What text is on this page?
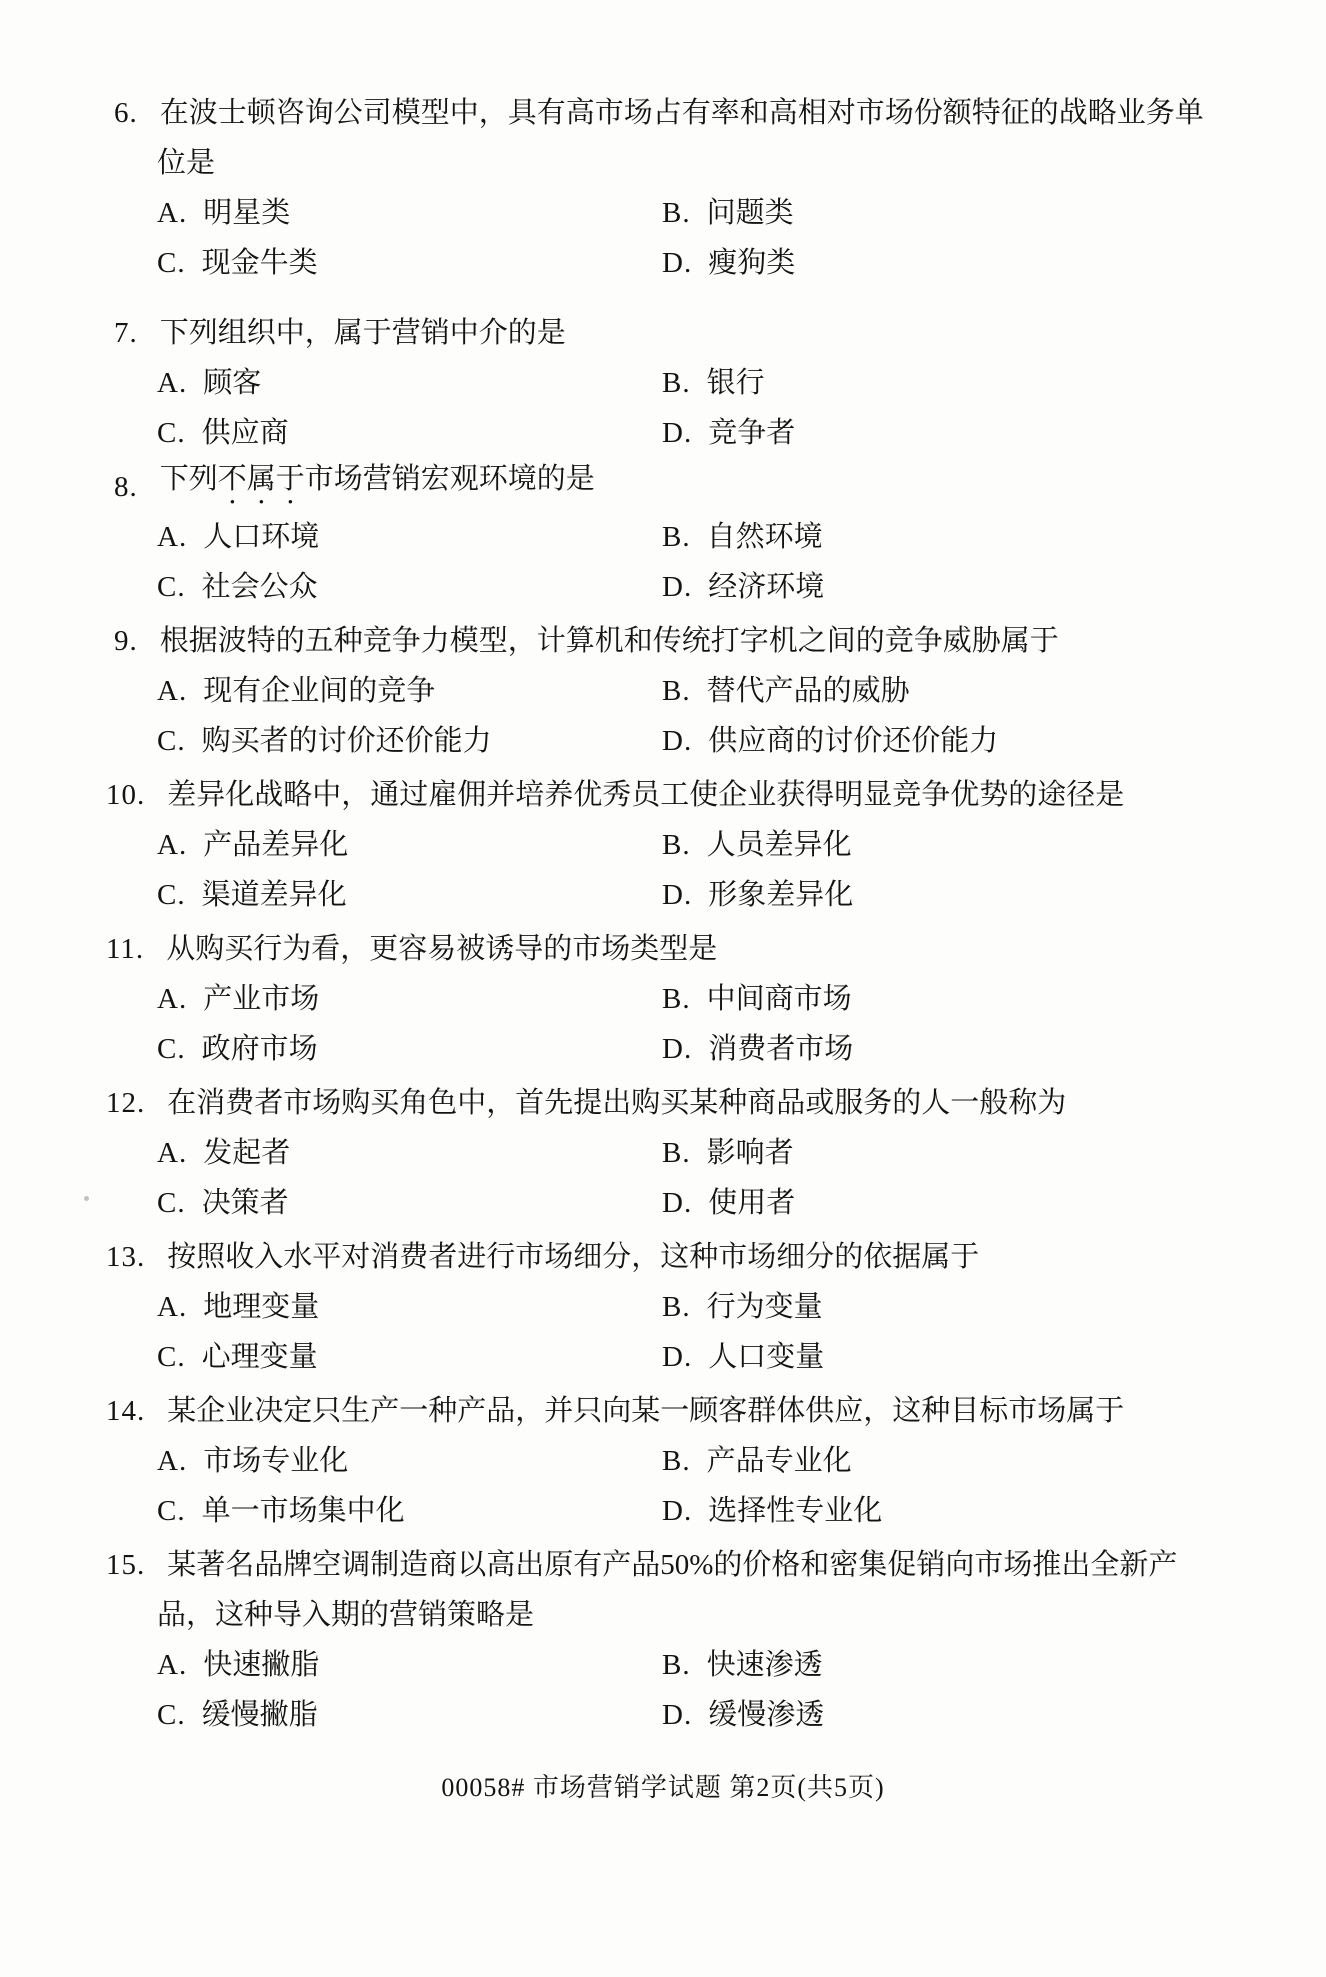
6. 在波士顿咨询公司模型中，具有高市场占有率和高相对市场份额特征的战略业务单
位是
A. 明星类	B. 问题类
C. 现金牛类	D. 瘦狗类
7. 下列组织中，属于营销中介的是
A. 顾客	B. 银行
C. 供应商	D. 竞争者
8. 下列不属于市场营销宏观环境的是
A. 人口环境	B. 自然环境
C. 社会公众	D. 经济环境
9. 根据波特的五种竞争力模型，计算机和传统打字机之间的竞争威胁属于
A. 现有企业间的竞争	B. 替代产品的威胁
C. 购买者的讨价还价能力	D. 供应商的讨价还价能力
10. 差异化战略中，通过雇佣并培养优秀员工使企业获得明显竞争优势的途径是
A. 产品差异化	B. 人员差异化
C. 渠道差异化	D. 形象差异化
11. 从购买行为看，更容易被诱导的市场类型是
A. 产业市场	B. 中间商市场
C. 政府市场	D. 消费者市场
12. 在消费者市场购买角色中，首先提出购买某种商品或服务的人一般称为
A. 发起者	B. 影响者
C. 决策者	D. 使用者
13. 按照收入水平对消费者进行市场细分，这种市场细分的依据属于
A. 地理变量	B. 行为变量
C. 心理变量	D. 人口变量
14. 某企业决定只生产一种产品，并只向某一顾客群体供应，这种目标市场属于
A. 市场专业化	B. 产品专业化
C. 单一市场集中化	D. 选择性专业化
15. 某著名品牌空调制造商以高出原有产品50%的价格和密集促销向市场推出全新产
品，这种导入期的营销策略是
A. 快速撇脂	B. 快速渗透
C. 缓慢撇脂	D. 缓慢渗透
00058# 市场营销学试题 第2页(共5页)
